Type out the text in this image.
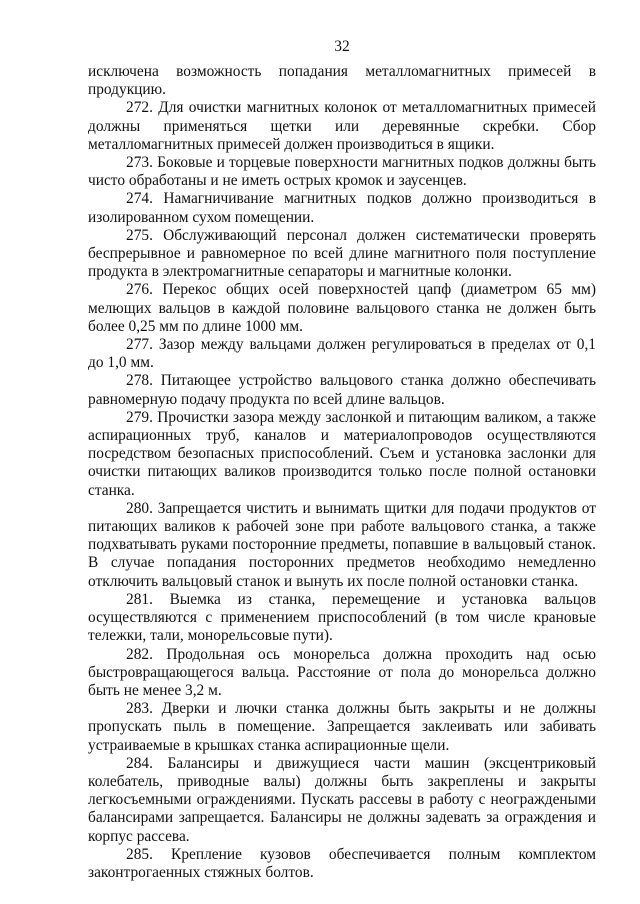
32

исключена возможность попадания металломагнитных примесей в продукцию.

272. Для очистки магнитных колонок от металломагнитных примесей должны применяться щетки или деревянные скребки. Сбор металломагнитных примесей должен производиться в ящики.

273. Боковые и торцевые поверхности магнитных подков должны быть чисто обработаны и не иметь острых кромок и заусенцев.

274. Намагничивание магнитных подков должно производиться в изолированном сухом помещении.

275. Обслуживающий персонал должен систематически проверять беспрерывное и равномерное по всей длине магнитного поля поступление продукта в электромагнитные сепараторы и магнитные колонки.

276. Перекос общих осей поверхностей цапф (диаметром 65 мм) мелющих вальцов в каждой половине вальцового станка не должен быть более 0,25 мм по длине 1000 мм.

277. Зазор между вальцами должен регулироваться в пределах от 0,1 до 1,0 мм.

278. Питающее устройство вальцового станка должно обеспечивать равномерную подачу продукта по всей длине вальцов.

279. Прочистки зазора между заслонкой и питающим валиком, а также аспирационных труб, каналов и материалопроводов осуществляются посредством безопасных приспособлений. Съем и установка заслонки для очистки питающих валиков производится только после полной остановки станка.

280. Запрещается чистить и вынимать щитки для подачи продуктов от питающих валиков к рабочей зоне при работе вальцового станка, а также подхватывать руками посторонние предметы, попавшие в вальцовый станок. В случае попадания посторонних предметов необходимо немедленно отключить вальцовый станок и вынуть их после полной остановки станка.

281. Выемка из станка, перемещение и установка вальцов осуществляются с применением приспособлений (в том числе крановые тележки, тали, монорельсовые пути).

282. Продольная ось монорельса должна проходить над осью быстровращающегося вальца. Расстояние от пола до монорельса должно быть не менее 3,2 м.

283. Дверки и лючки станка должны быть закрыты и не должны пропускать пыль в помещение. Запрещается заклеивать или забивать устраиваемые в крышках станка аспирационные щели.

284. Балансиры и движущиеся части машин (эксцентриковый колебатель, приводные валы) должны быть закреплены и закрыты легкосъемными ограждениями. Пускать рассевы в работу с неограждеными балансирами запрещается. Балансиры не должны задевать за ограждения и корпус рассева.

285. Крепление кузовов обеспечивается полным комплектом законтрогаенных стяжных болтов.
